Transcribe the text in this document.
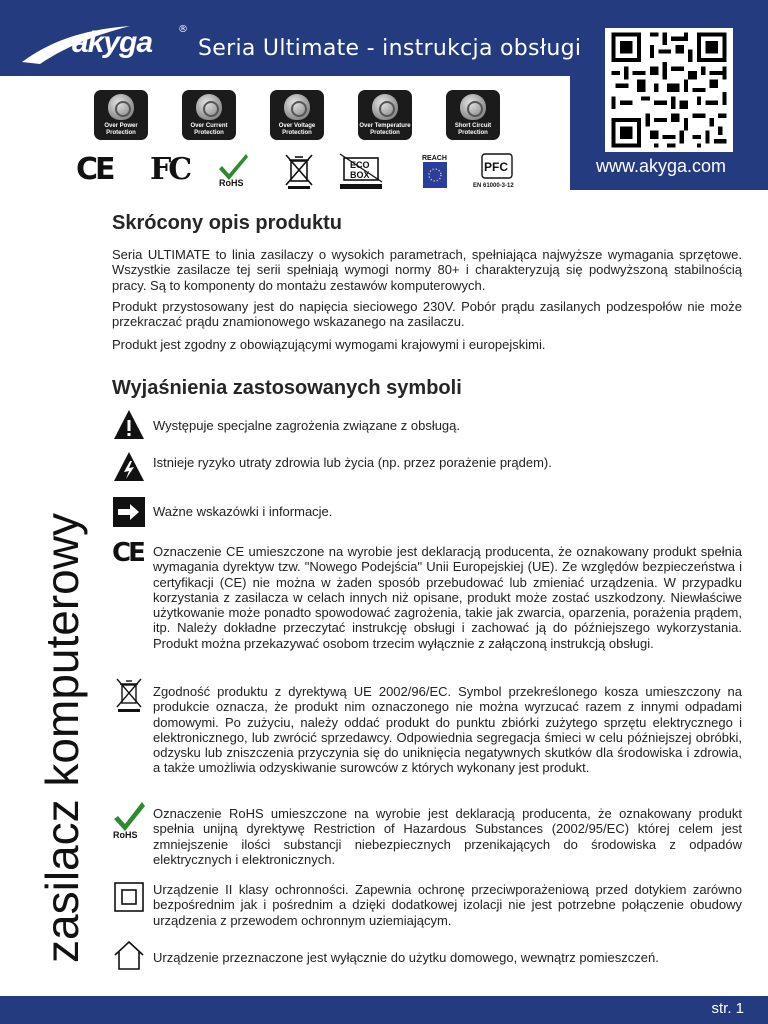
akyga	®
Seria Ultimate - instrukcja obsługi
www.akyga.com
Over Power Protection
Over Current Protection
Over Voltage Protection
Over Temperature Protection
Short Circuit Protection
CE FC	RoHS
ECO
BOX
REACH
PFC
EN 61000-3-12
zasilacz komputerowy
Skrócony opis produktu
Seria ULTIMATE to linia zasilaczy o wysokich parametrach, spełniająca najwyższe wymagania sprzętowe. Wszystkie zasilacze tej serii spełniają wymogi normy 80+ i charakteryzują się podwyższoną stabilnością pracy. Są to komponenty do montażu zestawów komputerowych.
Produkt przystosowany jest do napięcia sieciowego 230V. Pobór prądu zasilanych podzespołów nie może przekraczać prądu znamionowego wskazanego na zasilaczu.
Produkt jest zgodny z obowiązującymi wymogami krajowymi i europejskimi.
Wyjaśnienia zastosowanych symboli
Występuje specjalne zagrożenia związane z obsługą.
Istnieje ryzyko utraty zdrowia lub życia (np. przez porażenie prądem).
Ważne wskazówki i informacje.
CE Oznaczenie CE umieszczone na wyrobie jest deklaracją producenta, że oznakowany produkt spełnia wymagania dyrektyw tzw. "Nowego Podejścia" Unii Europejskiej (UE). Ze względów bezpieczeństwa i certyfikacji (CE) nie można w żaden sposób przebudować lub zmieniać urządzenia. W przypadku korzystania z zasilacza w celach innych niż opisane, produkt może zostać uszkodzony. Niewłaściwe użytkowanie może ponadto spowodować zagrożenia, takie jak zwarcia, oparzenia, porażenia prądem, itp. Należy dokładne przeczytać instrukcję obsługi i zachować ją do późniejszego wykorzystania. Produkt można przekazywać osobom trzecim wyłącznie z załączoną instrukcją obsługi.
Zgodność produktu z dyrektywą UE 2002/96/EC. Symbol przekreślonego kosza umieszczony na produkcie oznacza, że produkt nim oznaczonego nie można wyrzucać razem z innymi odpadami domowymi. Po zużyciu, należy oddać produkt do punktu zbiórki zużytego sprzętu elektrycznego i elektronicznego, lub zwrócić sprzedawcy. Odpowiednia segregacja śmieci w celu późniejszej obróbki, odzysku lub zniszczenia przyczynia się do uniknięcia negatywnych skutków dla środowiska i zdrowia, a także umożliwia odzyskiwanie surowców z których wykonany jest produkt.
RoHS
Oznaczenie RoHS umieszczone na wyrobie jest deklaracją producenta, że oznakowany produkt spełnia unijną dyrektywę Restriction of Hazardous Substances (2002/95/EC) której celem jest zmniejszenie ilości substancji niebezpiecznych przenikających do środowiska z odpadów elektrycznych i elektronicznych.
Urządzenie II klasy ochronności. Zapewnia ochronę przeciwporażeniową przed dotykiem zarówno bezpośrednim jak i pośrednim a dzięki dodatkowej izolacji nie jest potrzebne połączenie obudowy urządzenia z przewodem ochronnym uziemiającym.
Urządzenie przeznaczone jest wyłącznie do użytku domowego, wewnątrz pomieszczeń.
str. 1
